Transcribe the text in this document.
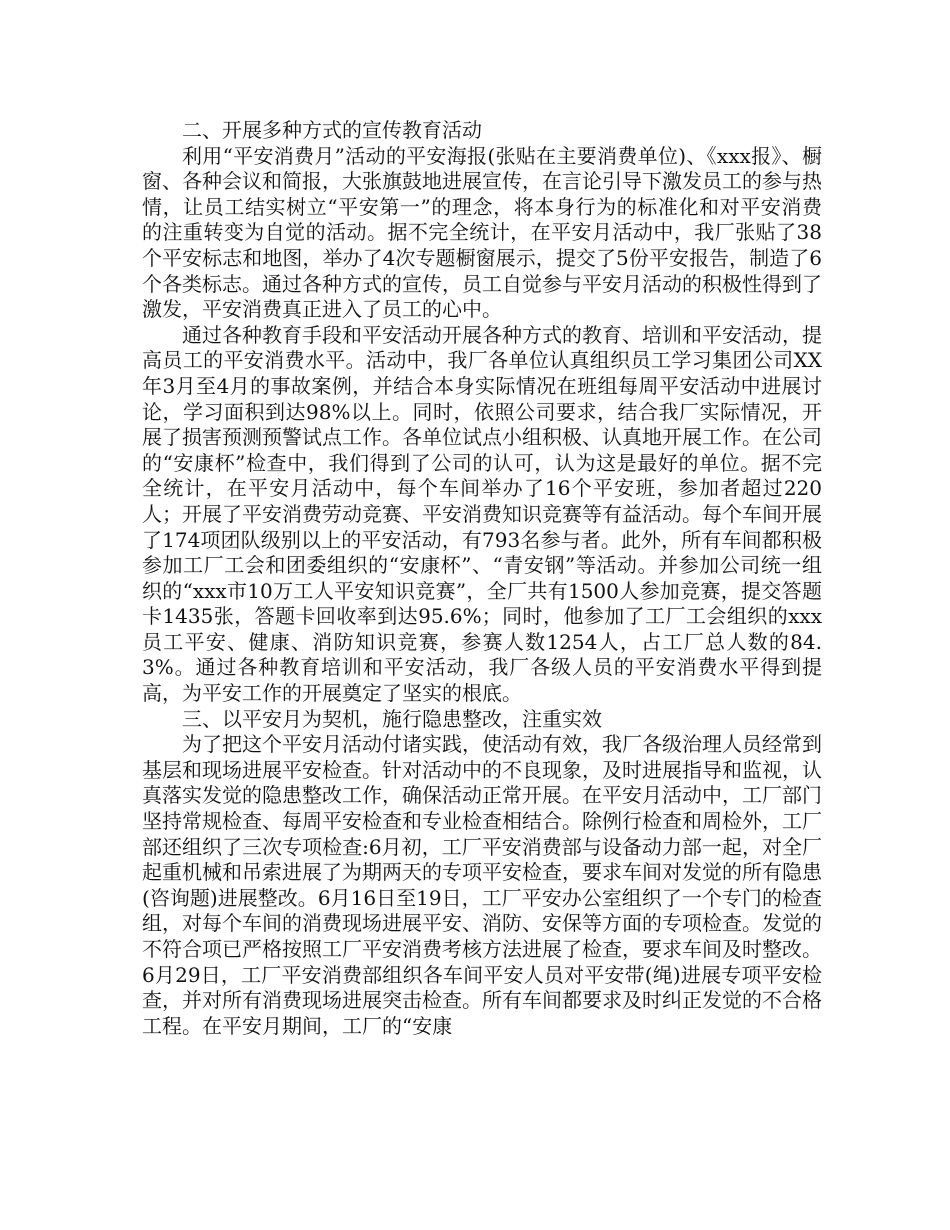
二、开展多种方式的宣传教育活动

利用“平安消费月”活动的平安海报(张贴在主要消费单位)、《xxx报》、橱窗、各种会议和简报，大张旗鼓地进展宣传，在言论引导下激发员工的参与热情，让员工结实树立“平安第一”的理念，将本身行为的标准化和对平安消费的注重转变为自觉的活动。据不完全统计，在平安月活动中，我厂张贴了38个平安标志和地图，举办了4次专题橱窗展示，提交了5份平安报告，制造了6个各类标志。通过各种方式的宣传，员工自觉参与平安月活动的积极性得到了激发，平安消费真正进入了员工的心中。

通过各种教育手段和平安活动开展各种方式的教育、培训和平安活动，提高员工的平安消费水平。活动中，我厂各单位认真组织员工学习集团公司XX年3月至4月的事故案例，并结合本身实际情况在班组每周平安活动中进展讨论，学习面积到达98%以上。同时，依照公司要求，结合我厂实际情况，开展了损害预测预警试点工作。各单位试点小组积极、认真地开展工作。在公司的“安康杯”检查中，我们得到了公司的认可，认为这是最好的单位。据不完全统计，在平安月活动中，每个车间举办了16个平安班，参加者超过220人；开展了平安消费劳动竞赛、平安消费知识竞赛等有益活动。每个车间开展了174项团队级别以上的平安活动，有793名参与者。此外，所有车间都积极参加工厂工会和团委组织的“安康杯”、“青安钢”等活动。并参加公司统一组织的“xxx市10万工人平安知识竞赛”，全厂共有1500人参加竞赛，提交答题卡1435张，答题卡回收率到达95.6%；同时，他参加了工厂工会组织的xxx员工平安、健康、消防知识竞赛，参赛人数1254人，占工厂总人数的84.3%。通过各种教育培训和平安活动，我厂各级人员的平安消费水平得到提高，为平安工作的开展奠定了坚实的根底。

三、以平安月为契机，施行隐患整改，注重实效

为了把这个平安月活动付诸实践，使活动有效，我厂各级治理人员经常到基层和现场进展平安检查。针对活动中的不良现象，及时进展指导和监视，认真落实发觉的隐患整改工作，确保活动正常开展。在平安月活动中，工厂部门坚持常规检查、每周平安检查和专业检查相结合。除例行检查和周检外，工厂部还组织了三次专项检查:6月初，工厂平安消费部与设备动力部一起，对全厂起重机械和吊索进展了为期两天的专项平安检查，要求车间对发觉的所有隐患(咨询题)进展整改。6月16日至19日，工厂平安办公室组织了一个专门的检查组，对每个车间的消费现场进展平安、消防、安保等方面的专项检查。发觉的不符合项已严格按照工厂平安消费考核方法进展了检查，要求车间及时整改。6月29日，工厂平安消费部组织各车间平安人员对平安带(绳)进展专项平安检查，并对所有消费现场进展突击检查。所有车间都要求及时纠正发觉的不合格工程。在平安月期间，工厂的“安康
